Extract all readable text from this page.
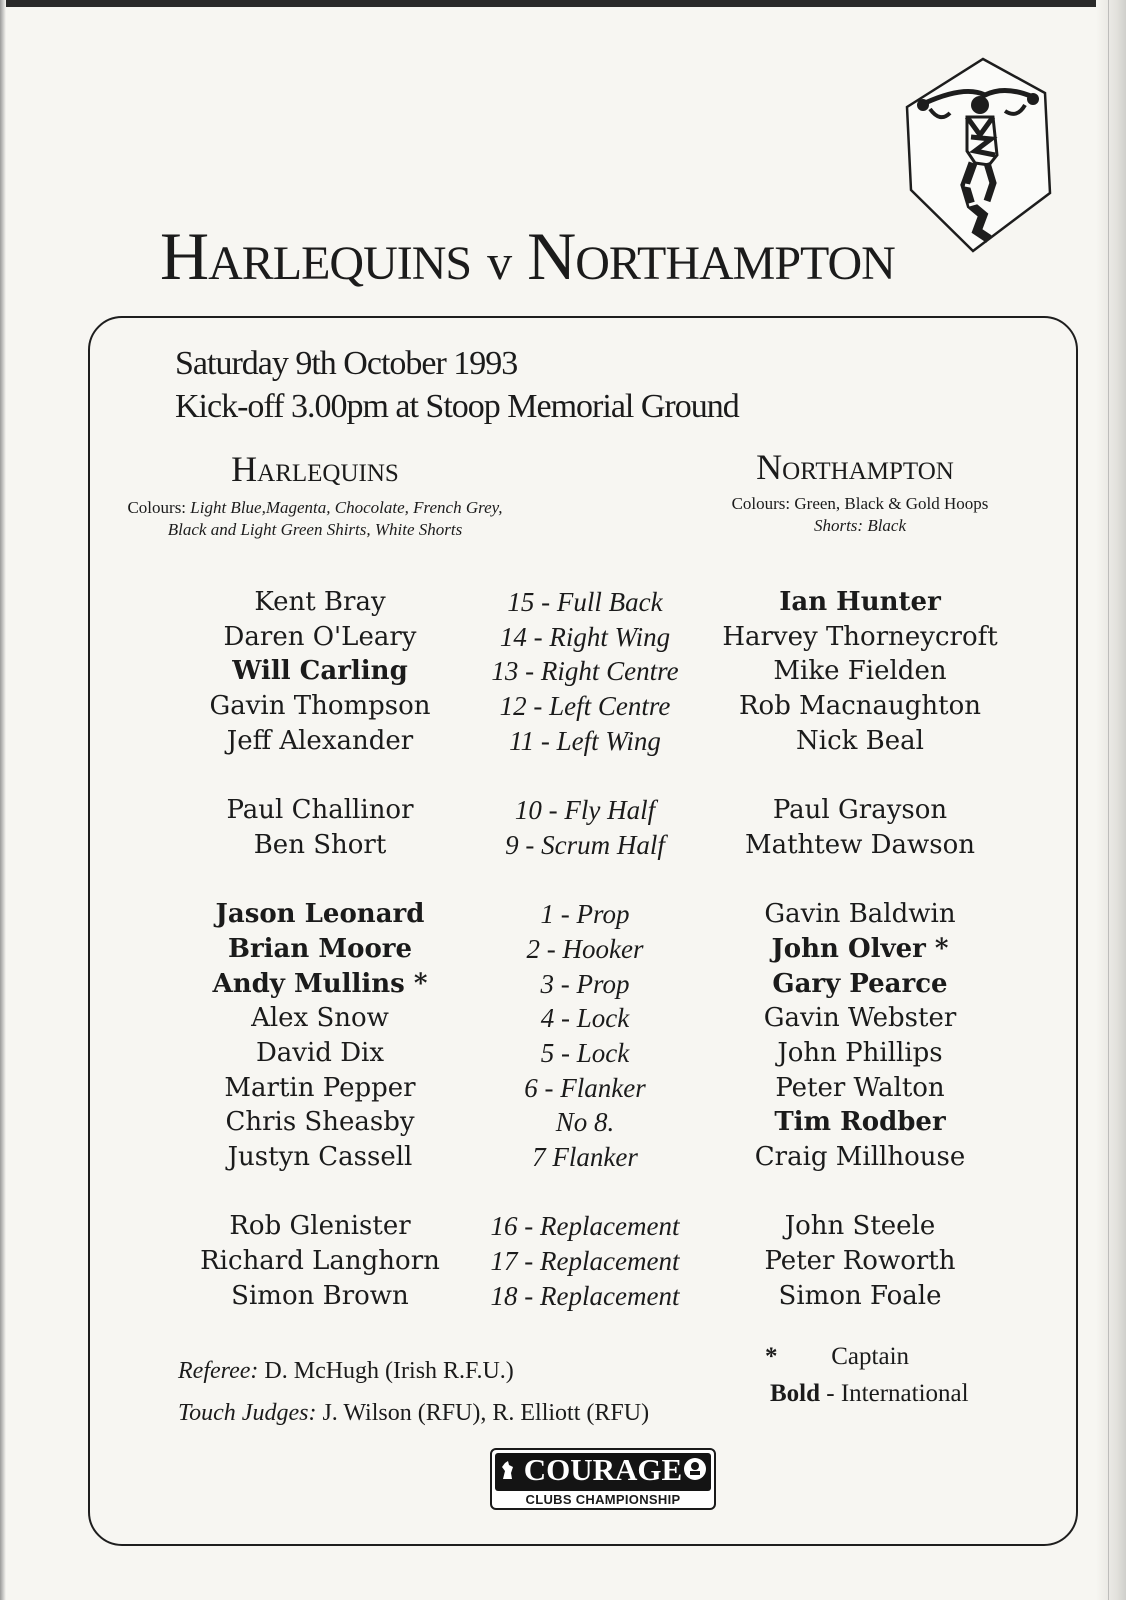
Harlequins v Northampton
Saturday 9th October 1993
Kick-off 3.00pm at Stoop Memorial Ground
Harlequins	Northampton
Colours: Light Blue,Magenta, Chocolate, French Grey, Black and Light Green Shirts, White Shorts
Colours: Green, Black & Gold Hoops
Shorts: Black
Kent Bray
Daren O'Leary
Will Carling
Gavin Thompson
Jeff Alexander
Paul Challinor
Ben Short
Jason Leonard
Brian Moore
Andy Mullins *
Alex Snow
David Dix
Martin Pepper
Chris Sheasby
Justyn Cassell
Rob Glenister
Richard Langhorn
Simon Brown
15 - Full Back
14 - Right Wing
13 - Right Centre
12 - Left Centre
11 - Left Wing
10 - Fly Half
9 - Scrum Half
1 - Prop
2 - Hooker
3 - Prop
4 - Lock
5 - Lock
6 - Flanker
No 8.
7 Flanker
16 - Replacement
17 - Replacement
18 - Replacement
Ian Hunter
Harvey Thorneycroft
Mike Fielden
Rob Macnaughton
Nick Beal
Paul Grayson
Mathtew Dawson
Gavin Baldwin
John Olver *
Gary Pearce
Gavin Webster
John Phillips
Peter Walton
Tim Rodber
Craig Millhouse
John Steele
Peter Roworth
Simon Foale
Referee: D. McHugh (Irish R.F.U.)
Touch Judges: J. Wilson (RFU), R. Elliott (RFU)
* Captain
Bold - International
COURAGE
CLUBS CHAMPIONSHIP
